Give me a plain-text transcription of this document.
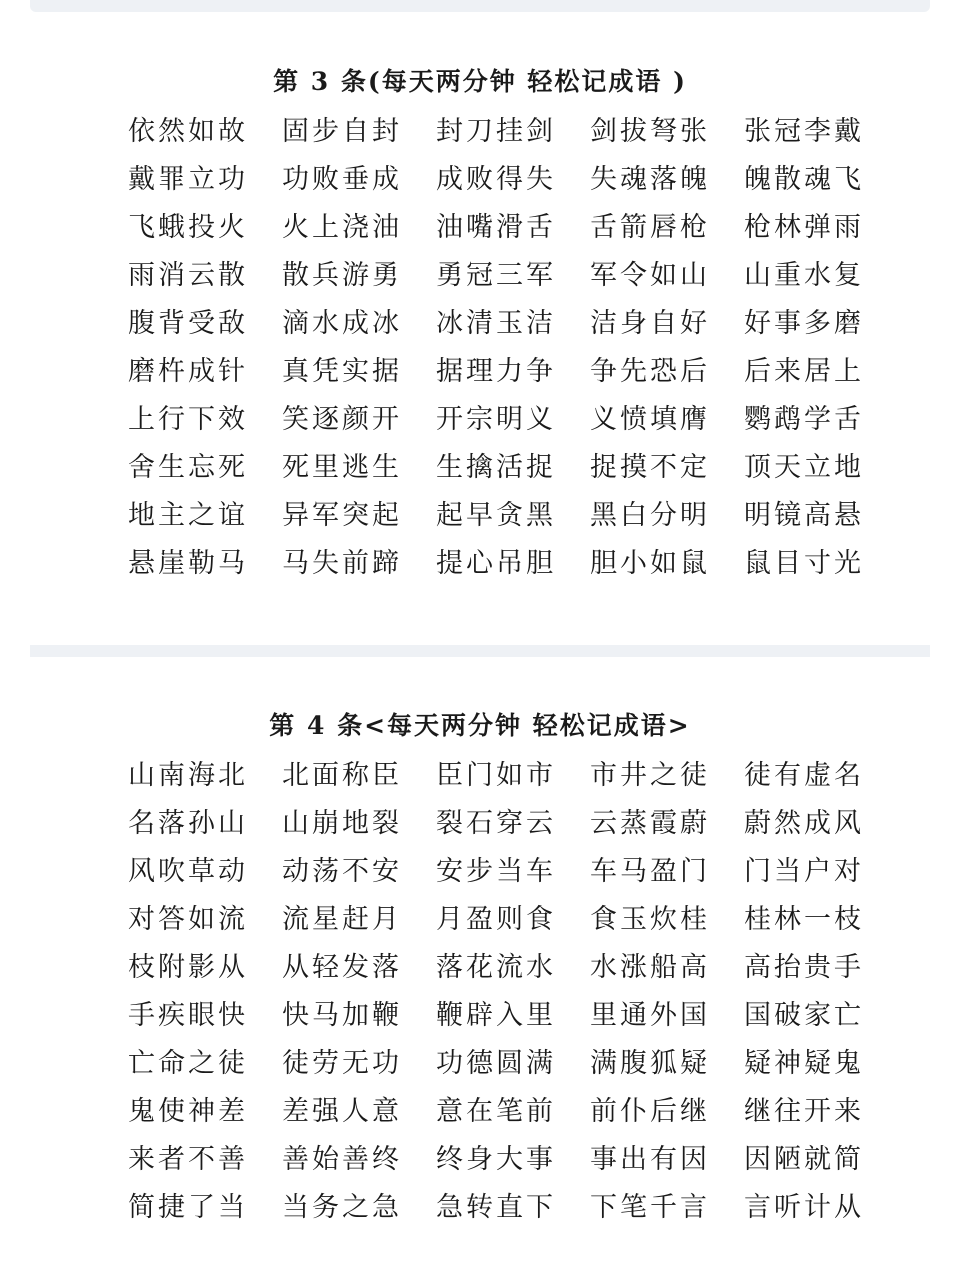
第 3 条(每天两分钟 轻松记成语 )
依然如故	固步自封	封刀挂剑	剑拔弩张	张冠李戴
戴罪立功	功败垂成	成败得失	失魂落魄	魄散魂飞
飞蛾投火	火上浇油	油嘴滑舌	舌箭唇枪	枪林弹雨
雨消云散	散兵游勇	勇冠三军	军令如山	山重水复
腹背受敌	滴水成冰	冰清玉洁	洁身自好	好事多磨
磨杵成针	真凭实据	据理力争	争先恐后	后来居上
上行下效	笑逐颜开	开宗明义	义愤填膺	鹦鹉学舌
舍生忘死	死里逃生	生擒活捉	捉摸不定	顶天立地
地主之谊	异军突起	起早贪黑	黑白分明	明镜高悬
悬崖勒马	马失前蹄	提心吊胆	胆小如鼠	鼠目寸光
第 4 条<每天两分钟 轻松记成语>
山南海北	北面称臣	臣门如市	市井之徒	徒有虚名
名落孙山	山崩地裂	裂石穿云	云蒸霞蔚	蔚然成风
风吹草动	动荡不安	安步当车	车马盈门	门当户对
对答如流	流星赶月	月盈则食	食玉炊桂	桂林一枝
枝附影从	从轻发落	落花流水	水涨船高	高抬贵手
手疾眼快	快马加鞭	鞭辟入里	里通外国	国破家亡
亡命之徒	徒劳无功	功德圆满	满腹狐疑	疑神疑鬼
鬼使神差	差强人意	意在笔前	前仆后继	继往开来
来者不善	善始善终	终身大事	事出有因	因陋就简
简捷了当	当务之急	急转直下	下笔千言	言听计从
